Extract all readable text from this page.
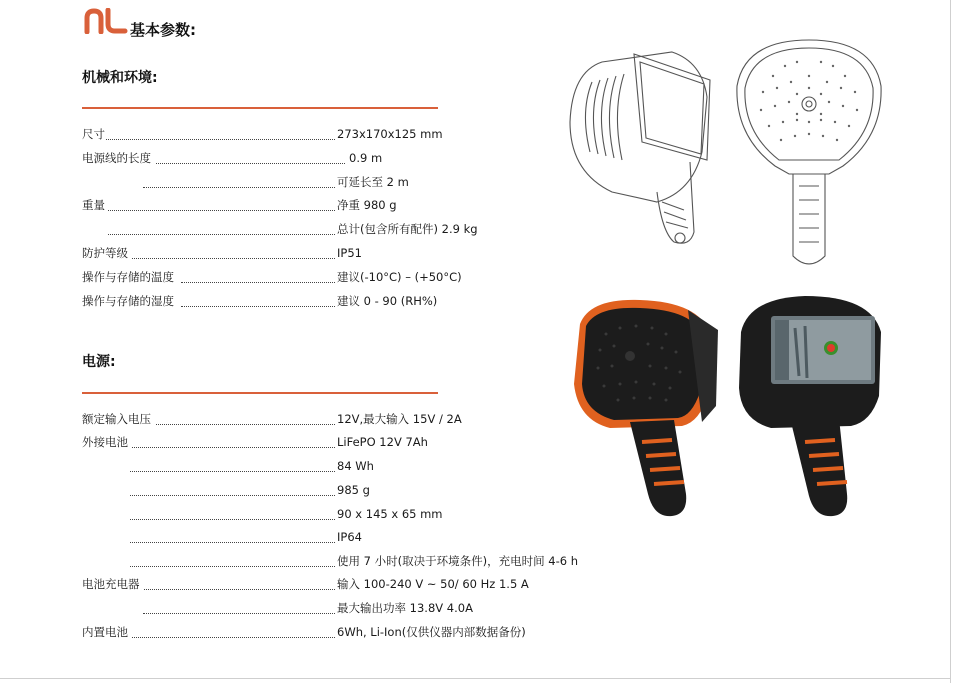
基本参数:
机械和环境:
尺寸	273x170x125 mm
电源线的长度	0.9 m
可延长至 2 m
重量	净重 980 g
总计(包含所有配件) 2.9 kg
防护等级	IP51
操作与存储的温度	建议(-10°C) – (+50°C)
操作与存储的湿度	建议 0 - 90 (RH%)
电源:
额定输入电压	12V,最大输入 15V / 2A
外接电池	LiFePO 12V 7Ah
84 Wh
985 g
90 x 145 x 65 mm
IP64
使用 7 小时(取决于环境条件)，充电时间 4-6 h
电池充电器	输入 100-240 V ~ 50/ 60 Hz 1.5 A
最大输出功率 13.8V 4.0A
内置电池	6Wh, Li-Ion(仅供仪器内部数据备份)
